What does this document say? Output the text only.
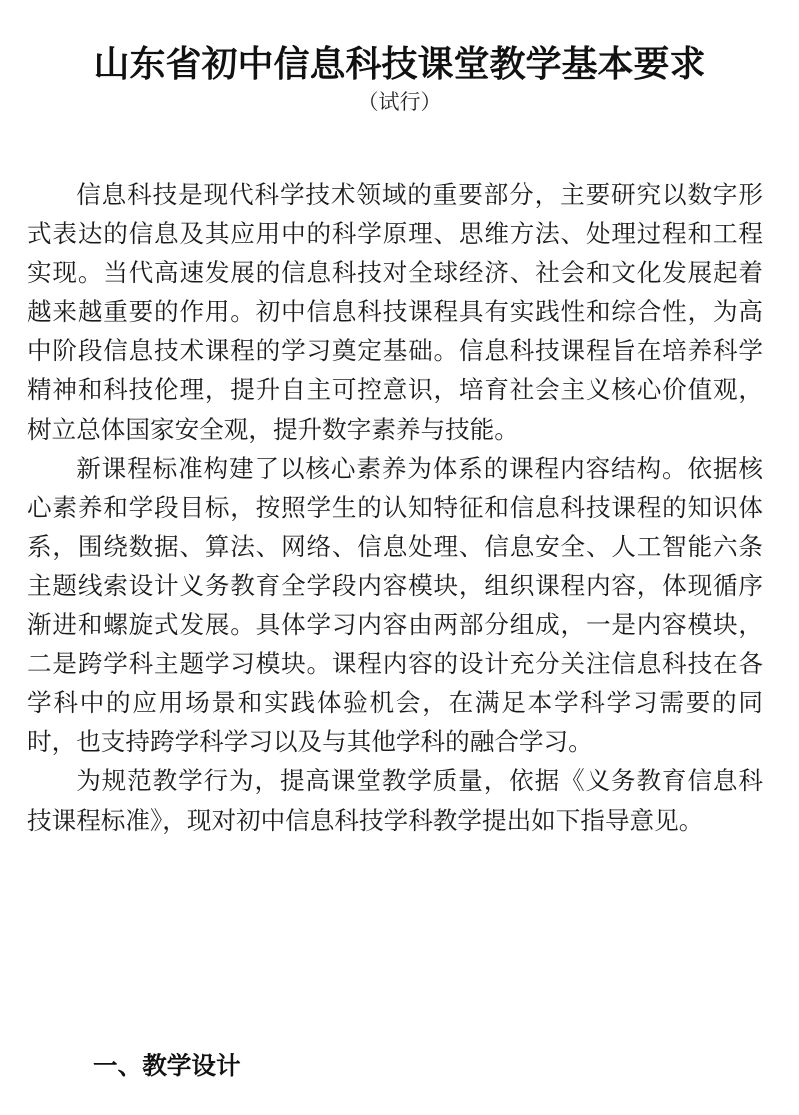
山东省初中信息科技课堂教学基本要求
（试行）

信息科技是现代科学技术领域的重要部分，主要研究以数字形式表达的信息及其应用中的科学原理、思维方法、处理过程和工程实现。当代高速发展的信息科技对全球经济、社会和文化发展起着越来越重要的作用。初中信息科技课程具有实践性和综合性，为高中阶段信息技术课程的学习奠定基础。信息科技课程旨在培养科学精神和科技伦理，提升自主可控意识，培育社会主义核心价值观，树立总体国家安全观，提升数字素养与技能。

新课程标准构建了以核心素养为体系的课程内容结构。依据核心素养和学段目标，按照学生的认知特征和信息科技课程的知识体系，围绕数据、算法、网络、信息处理、信息安全、人工智能六条主题线索设计义务教育全学段内容模块，组织课程内容，体现循序渐进和螺旋式发展。具体学习内容由两部分组成，一是内容模块，二是跨学科主题学习模块。课程内容的设计充分关注信息科技在各学科中的应用场景和实践体验机会，在满足本学科学习需要的同时，也支持跨学科学习以及与其他学科的融合学习。

为规范教学行为，提高课堂教学质量，依据《义务教育信息科技课程标准》，现对初中信息科技学科教学提出如下指导意见。

一、教学设计
